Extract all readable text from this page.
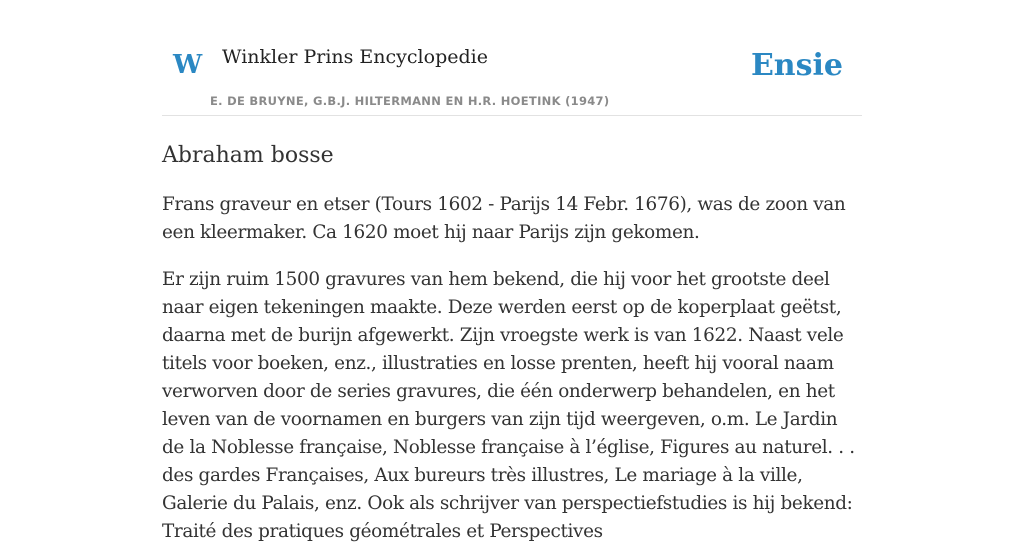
W Winkler Prins Encyclopedie
E. DE BRUYNE, G.B.J. HILTERMANN EN H.R. HOETINK (1947)
Ensie
Abraham bosse

Frans graveur en etser (Tours 1602 - Parijs 14 Febr. 1676), was de zoon van een kleermaker. Ca 1620 moet hij naar Parijs zijn gekomen.

Er zijn ruim 1500 gravures van hem bekend, die hij voor het grootste deel naar eigen tekeningen maakte. Deze werden eerst op de koperplaat geëtst, daarna met de burijn afgewerkt. Zijn vroegste werk is van 1622. Naast vele titels voor boeken, enz., illustraties en losse prenten, heeft hij vooral naam verworven door de series gravures, die één onderwerp behandelen, en het leven van de voornamen en burgers van zijn tijd weergeven, o.m. Le Jardin de la Noblesse française, Noblesse française à l’église, Figures au naturel. . . des gardes Françaises, Aux bureurs très illustres, Le mariage à la ville, Galerie du Palais, enz. Ook als schrijver van perspectiefstudies is hij bekend: Traité des pratiques géométrales et Perspectives
